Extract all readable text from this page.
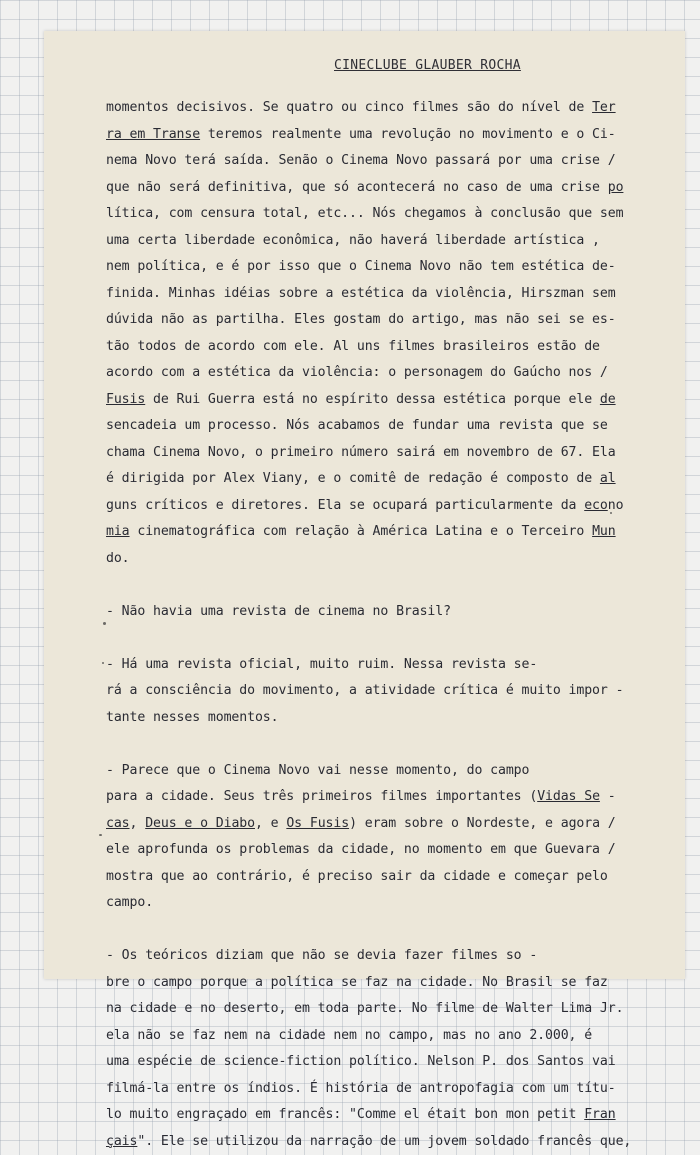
CINECLUBE GLAUBER ROCHA
momentos decisivos. Se quatro ou cinco filmes são do nível de Ter
ra em Transe teremos realmente uma revolução no movimento e o Ci-
nema Novo terá saída. Senão o Cinema Novo passará por uma crise /
que não será definitiva, que só acontecerá no caso de uma crise po
lítica, com censura total, etc... Nós chegamos à conclusão que sem
uma certa liberdade econômica, não haverá liberdade artística ,
nem política, e é por isso que o Cinema Novo não tem estética de-
finida. Minhas idéias sobre a estética da violência, Hirszman sem
dúvida não as partilha. Eles gostam do artigo, mas não sei se es-
tão todos de acordo com ele. Al uns filmes brasileiros estão de
acordo com a estética da violência: o personagem do Gaúcho nos /
Fusis de Rui Guerra está no espírito dessa estética porque ele de
sencadeia um processo. Nós acabamos de fundar uma revista que se
chama Cinema Novo, o primeiro número sairá em novembro de 67. Ela
é dirigida por Alex Viany, e o comitê de redação é composto de al
guns críticos e diretores. Ela se ocupará particularmente da econo
mia cinematográfica com relação à América Latina e o Terceiro Mun
do.
- Não havia uma revista de cinema no Brasil?
- Há uma revista oficial, muito ruim. Nessa revista se-
rá a consciência do movimento, a atividade crítica é muito impor -
tante nesses momentos.
- Parece que o Cinema Novo vai nesse momento, do campo
para a cidade. Seus três primeiros filmes importantes (Vidas Se -
cas, Deus e o Diabo, e Os Fusis) eram sobre o Nordeste, e agora /
ele aprofunda os problemas da cidade, no momento em que Guevara /
mostra que ao contrário, é preciso sair da cidade e começar pelo
campo.
- Os teóricos diziam que não se devia fazer filmes so -
bre o campo porque a política se faz na cidade. No Brasil se faz
na cidade e no deserto, em toda parte. No filme de Walter Lima Jr.
ela não se faz nem na cidade nem no campo, mas no ano 2.000, é
uma espécie de science-fiction político. Nelson P. dos Santos vai
filmá-la entre os índios. É história de antropofagia com um títu-
lo muito engraçado em francês: "Comme el était bon mon petit Fran
çais". Ele se utilizou da narração de um jovem soldado francês que,
